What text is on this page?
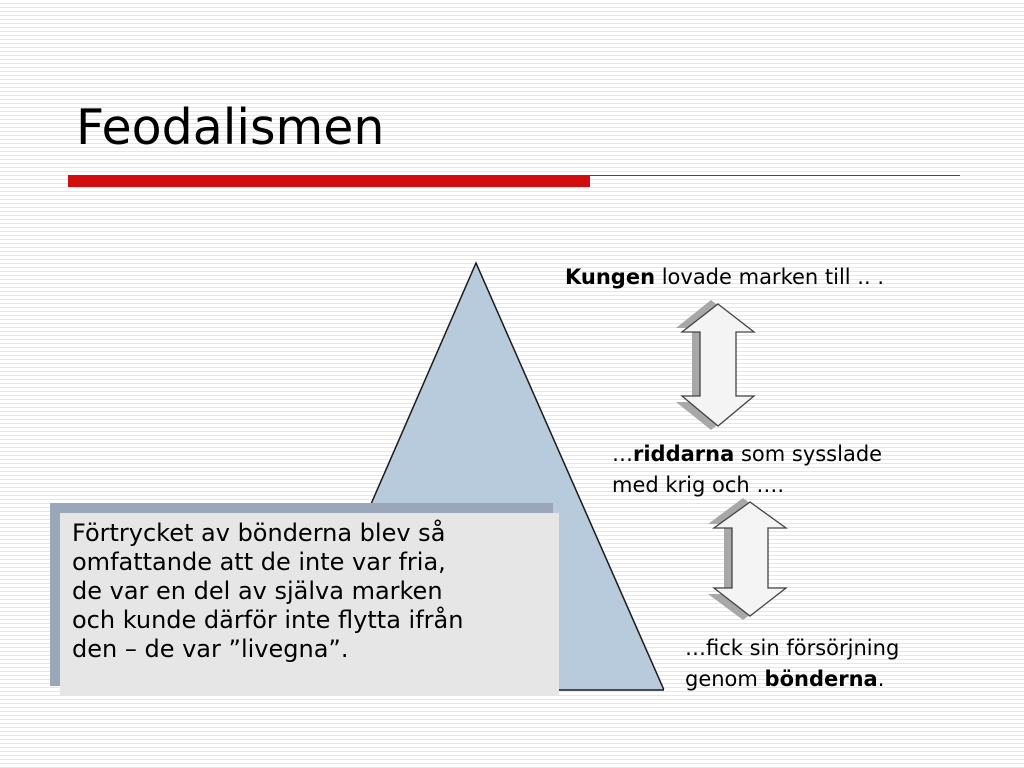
Feodalismen
Kungen lovade marken till .. .
…riddarna som sysslade
med krig och ….
…fick sin försörjning
genom bönderna.
Förtrycket av bönderna blev så
omfattande att de inte var fria,
de var en del av själva marken
och kunde därför inte flytta ifrån
den – de var ”livegna”.
